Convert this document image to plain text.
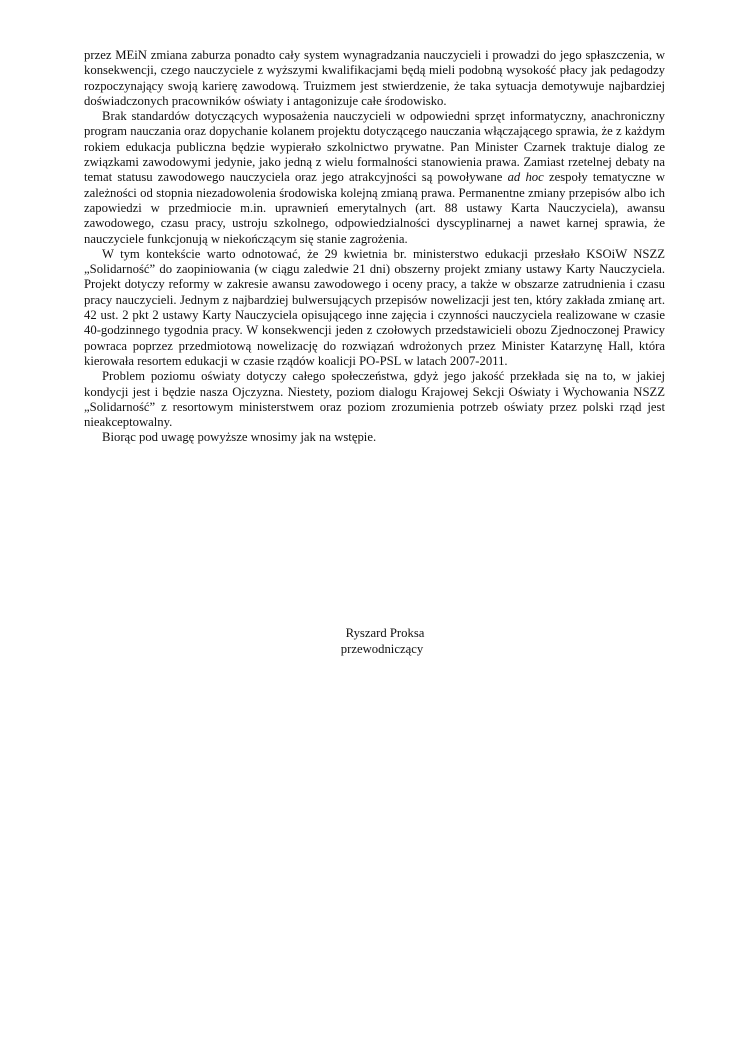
przez MEiN zmiana zaburza ponadto cały system wynagradzania nauczycieli i prowadzi do jego spłaszczenia, w konsekwencji, czego nauczyciele z wyższymi kwalifikacjami będą mieli podobną wysokość płacy jak pedagodzy rozpoczynający swoją karierę zawodową. Truizmem jest stwierdzenie, że taka sytuacja demotywuje najbardziej doświadczonych pracowników oświaty i antagonizuje całe środowisko.

Brak standardów dotyczących wyposażenia nauczycieli w odpowiedni sprzęt informatyczny, anachroniczny program nauczania oraz dopychanie kolanem projektu dotyczącego nauczania włączającego sprawia, że z każdym rokiem edukacja publiczna będzie wypierało szkolnictwo prywatne. Pan Minister Czarnek traktuje dialog ze związkami zawodowymi jedynie, jako jedną z wielu formalności stanowienia prawa. Zamiast rzetelnej debaty na temat statusu zawodowego nauczyciela oraz jego atrakcyjności są powoływane ad hoc zespoły tematyczne w zależności od stopnia niezadowolenia środowiska kolejną zmianą prawa. Permanentne zmiany przepisów albo ich zapowiedzi w przedmiocie m.in. uprawnień emerytalnych (art. 88 ustawy Karta Nauczyciela), awansu zawodowego, czasu pracy, ustroju szkolnego, odpowiedzialności dyscyplinarnej a nawet karnej sprawia, że nauczyciele funkcjonują w niekończącym się stanie zagrożenia.

W tym kontekście warto odnotować, że 29 kwietnia br. ministerstwo edukacji przesłało KSOiW NSZZ „Solidarność” do zaopiniowania (w ciągu zaledwie 21 dni) obszerny projekt zmiany ustawy Karty Nauczyciela. Projekt dotyczy reformy w zakresie awansu zawodowego i oceny pracy, a także w obszarze zatrudnienia i czasu pracy nauczycieli. Jednym z najbardziej bulwersujących przepisów nowelizacji jest ten, który zakłada zmianę art. 42 ust. 2 pkt 2 ustawy Karty Nauczyciela opisującego inne zajęcia i czynności nauczyciela realizowane w czasie 40-godzinnego tygodnia pracy. W konsekwencji jeden z czołowych przedstawicieli obozu Zjednoczonej Prawicy powraca poprzez przedmiotową nowelizację do rozwiązań wdrożonych przez Minister Katarzynę Hall, która kierowała resortem edukacji w czasie rządów koalicji PO-PSL w latach 2007-2011.

Problem poziomu oświaty dotyczy całego społeczeństwa, gdyż jego jakość przekłada się na to, w jakiej kondycji jest i będzie nasza Ojczyzna. Niestety, poziom dialogu Krajowej Sekcji Oświaty i Wychowania NSZZ „Solidarność” z resortowym ministerstwem oraz poziom zrozumienia potrzeb oświaty przez polski rząd jest nieakceptowalny.

Biorąc pod uwagę powyższe wnosimy jak na wstępie.

Ryszard Proksa
przewodniczący
